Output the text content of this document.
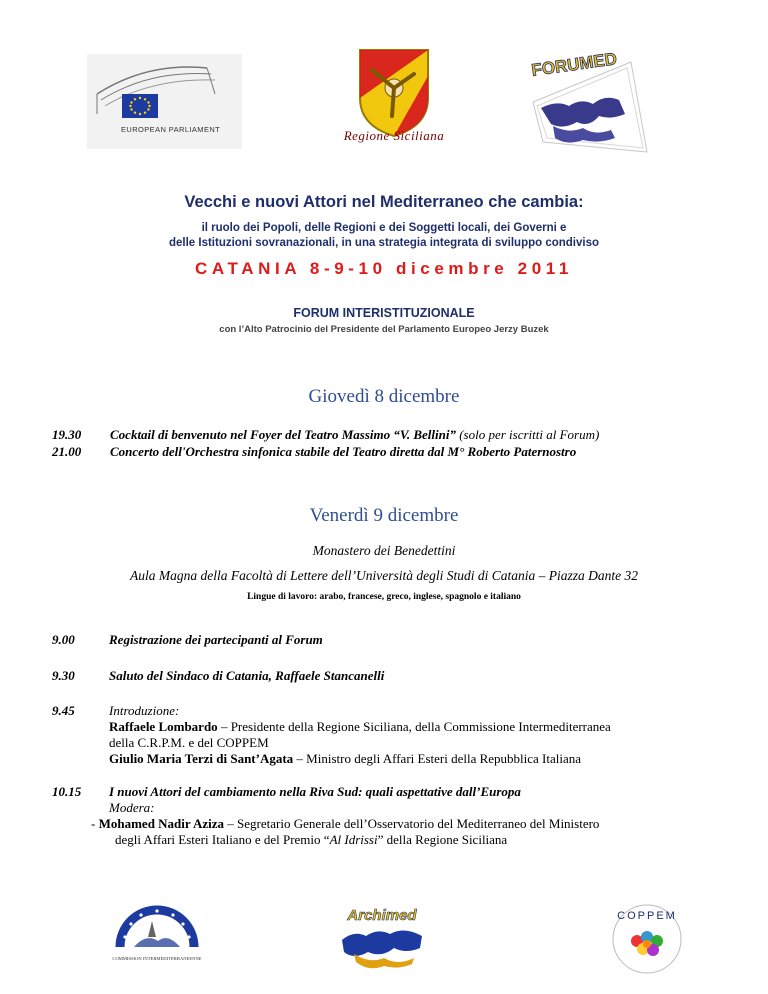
EUROPEAN PARLIAMENT	Regione Siciliana
FORUMED
Vecchi e nuovi Attori nel Mediterraneo che cambia:
il ruolo dei Popoli, delle Regioni e dei Soggetti locali, dei Governi e
delle Istituzioni sovranazionali, in una strategia integrata di sviluppo condiviso
CATANIA 8-9-10 dicembre 2011
FORUM INTERISTITUZIONALE
con l’Alto Patrocinio del Presidente del Parlamento Europeo Jerzy Buzek
Giovedì 8 dicembre
19.30 Cocktail di benvenuto nel Foyer del Teatro Massimo “V. Bellini” (solo per iscritti al Forum)
21.00 Concerto dell'Orchestra sinfonica stabile del Teatro diretta dal M° Roberto Paternostro
Venerdì 9 dicembre
Monastero dei Benedettini
Aula Magna della Facoltà di Lettere dell’Università degli Studi di Catania – Piazza Dante 32
Lingue di lavoro: arabo, francese, greco, inglese, spagnolo e italiano
9.00	Registrazione dei partecipanti al Forum
9.30	Saluto del Sindaco di Catania, Raffaele Stancanelli
9.45	Introduzione:
Raffaele Lombardo – Presidente della Regione Siciliana, della Commissione Intermediterranea
della C.R.P.M. e del COPPEM
Giulio Maria Terzi di Sant’Agata – Ministro degli Affari Esteri della Repubblica Italiana
10.15 I nuovi Attori del cambiamento nella Riva Sud: quali aspettative dall’Europa
Modera:
- Mohamed Nadir Aziza – Segretario Generale dell’Osservatorio del Mediterraneo del Ministero
degli Affari Esteri Italiano e del Premio “Al Idrissi” della Regione Siciliana
COMMISSION INTERMEDITERRANEENNE
Archimed	COPPEM
